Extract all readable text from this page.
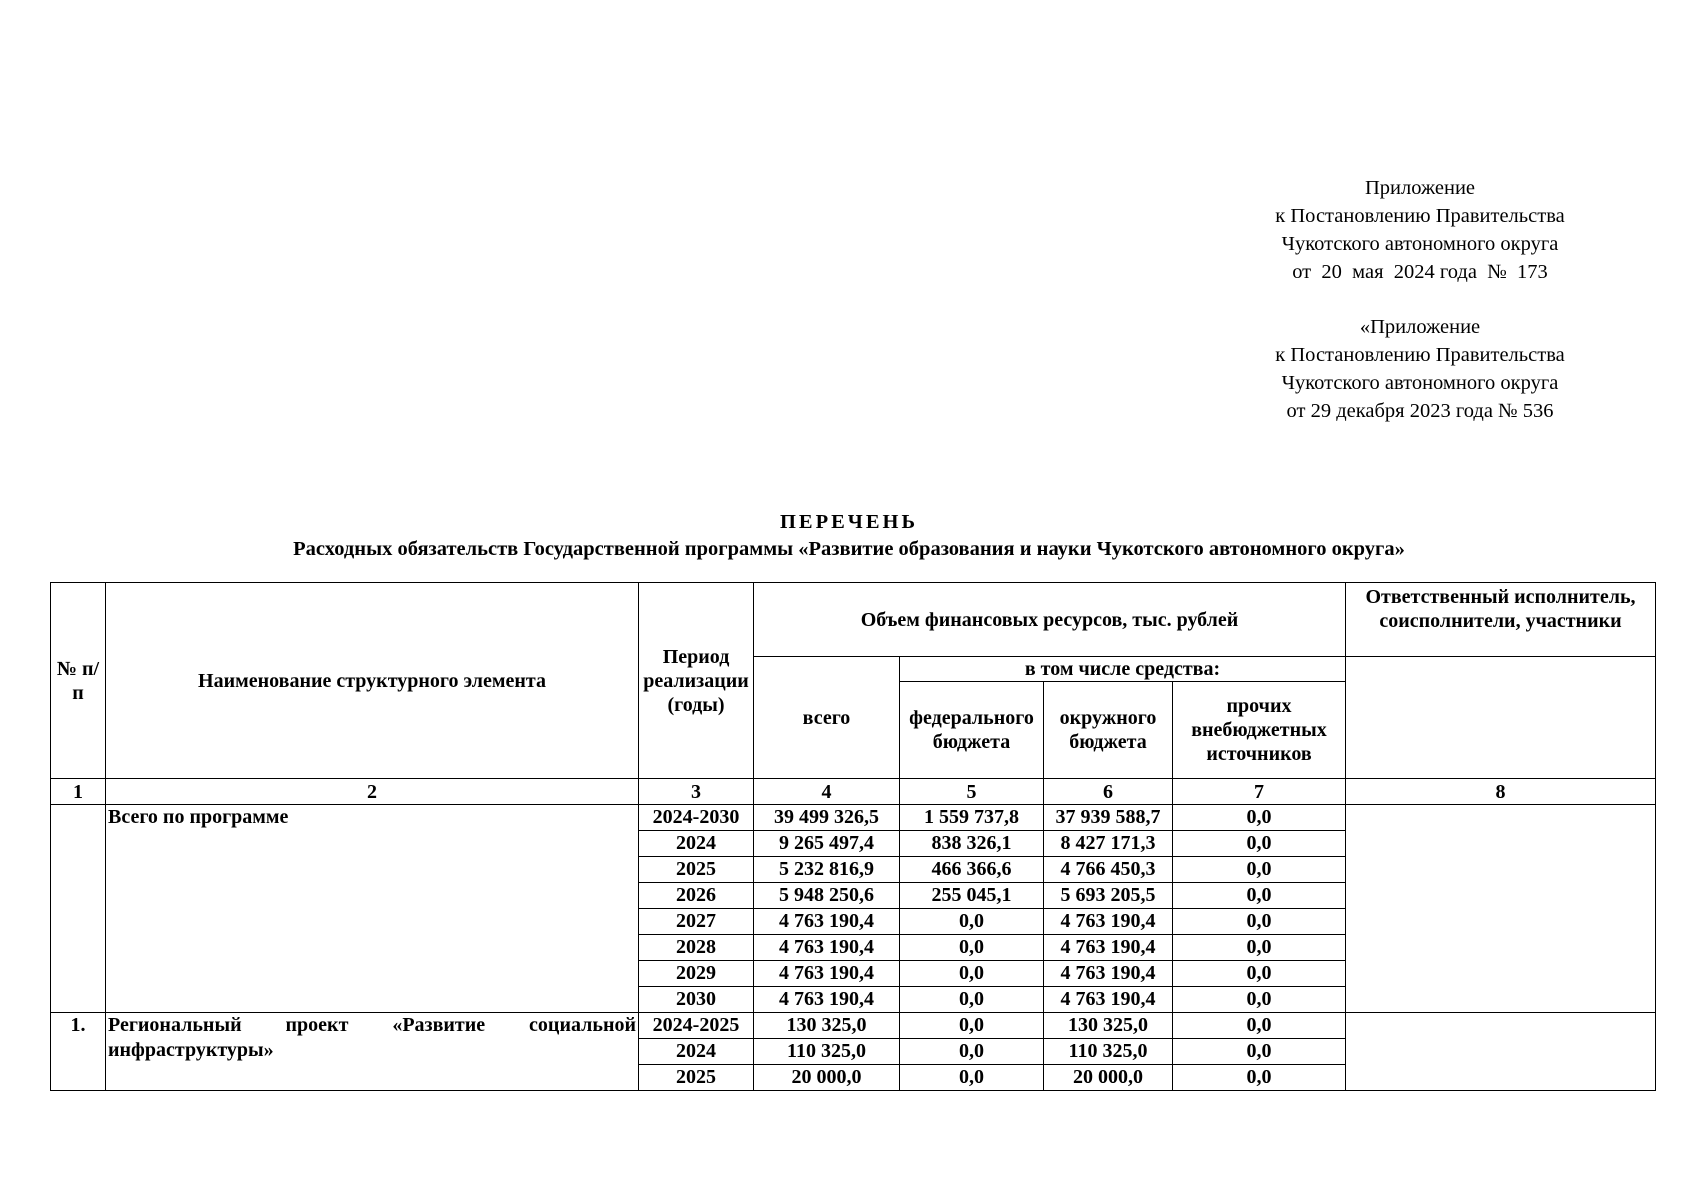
Приложение
к Постановлению Правительства
Чукотского автономного округа
от  20  мая  2024 года  №  173
«Приложение
к Постановлению Правительства
Чукотского автономного округа
от 29 декабря 2023 года № 536
ПЕРЕЧЕНЬ
Расходных обязательств Государственной программы «Развитие образования и науки Чукотского автономного округа»
№ п/п	Наименование структурного элемента	Период реализации (годы)	Объем финансовых ресурсов, тыс. рублей				Ответственный исполнитель, соисполнители, участники
			всего	в том числе средства:			
				федерального бюджета	окружного бюджета	прочих внебюджетных источников	
1	2	3	4	5	6	7	8
	Всего по программе	2024-2030	39 499 326,5	1 559 737,8	37 939 588,7	0,0	
		2024	9 265 497,4	838 326,1	8 427 171,3	0,0	
		2025	5 232 816,9	466 366,6	4 766 450,3	0,0	
		2026	5 948 250,6	255 045,1	5 693 205,5	0,0	
		2027	4 763 190,4	0,0	4 763 190,4	0,0	
		2028	4 763 190,4	0,0	4 763 190,4	0,0	
		2029	4 763 190,4	0,0	4 763 190,4	0,0	
		2030	4 763 190,4	0,0	4 763 190,4	0,0	
1.	Региональный проект «Развитие социальной инфраструктуры»	2024-2025	130 325,0	0,0	130 325,0	0,0	
		2024	110 325,0	0,0	110 325,0	0,0	
		2025	20 000,0	0,0	20 000,0	0,0	
